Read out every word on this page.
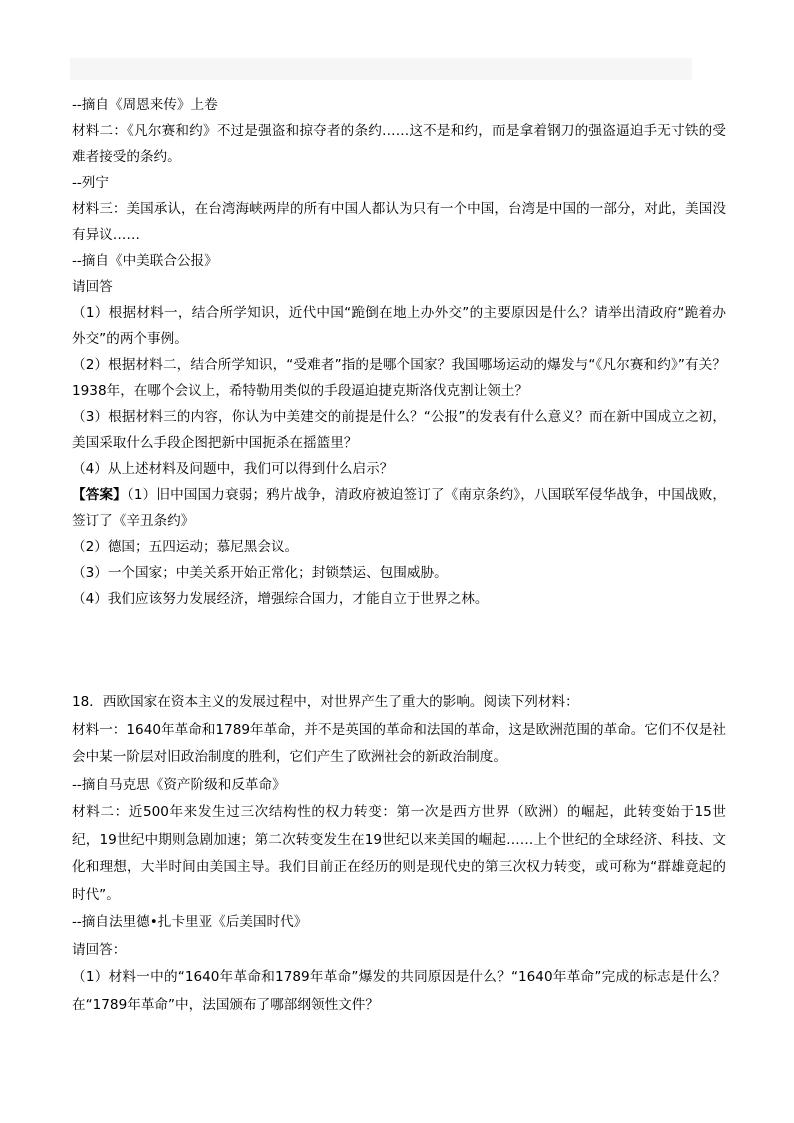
--摘自《周恩来传》上卷

材料二：《凡尔赛和约》不过是强盗和掠夺者的条约……这不是和约，而是拿着钢刀的强盗逼迫手无寸铁的受难者接受的条约。

--列宁

材料三：美国承认，在台湾海峡两岸的所有中国人都认为只有一个中国，台湾是中国的一部分，对此，美国没有异议……

--摘自《中美联合公报》

请回答

（1）根据材料一，结合所学知识，近代中国“跪倒在地上办外交”的主要原因是什么？请举出清政府“跪着办外交”的两个事例。

（2）根据材料二，结合所学知识，“受难者”指的是哪个国家？我国哪场运动的爆发与“《凡尔赛和约》”有关？1938年，在哪个会议上，希特勒用类似的手段逼迫捷克斯洛伐克割让领土？

（3）根据材料三的内容，你认为中美建交的前提是什么？“公报”的发表有什么意义？而在新中国成立之初，美国采取什么手段企图把新中国扼杀在摇篮里？

（4）从上述材料及问题中，我们可以得到什么启示？

【答案】（1）旧中国国力衰弱；鸦片战争，清政府被迫签订了《南京条约》，八国联军侵华战争，中国战败，签订了《辛丑条约》

（2）德国；五四运动；慕尼黑会议。

（3）一个国家；中美关系开始正常化；封锁禁运、包围威胁。

（4）我们应该努力发展经济，增强综合国力，才能自立于世界之林。

18．西欧国家在资本主义的发展过程中，对世界产生了重大的影响。阅读下列材料：

材料一：1640年革命和1789年革命，并不是英国的革命和法国的革命，这是欧洲范围的革命。它们不仅是社会中某一阶层对旧政治制度的胜利，它们产生了欧洲社会的新政治制度。

--摘自马克思《资产阶级和反革命》

材料二：近500年来发生过三次结构性的权力转变：第一次是西方世界（欧洲）的崛起，此转变始于15世纪，19世纪中期则急剧加速；第二次转变发生在19世纪以来美国的崛起……上个世纪的全球经济、科技、文化和理想，大半时间由美国主导。我们目前正在经历的则是现代史的第三次权力转变，或可称为“群雄竟起的时代”。

--摘自法里德•扎卡里亚《后美国时代》

请回答：

（1）材料一中的“1640年革命和1789年革命”爆发的共同原因是什么？“1640年革命”完成的标志是什么？在“1789年革命”中，法国颁布了哪部纲领性文件？
